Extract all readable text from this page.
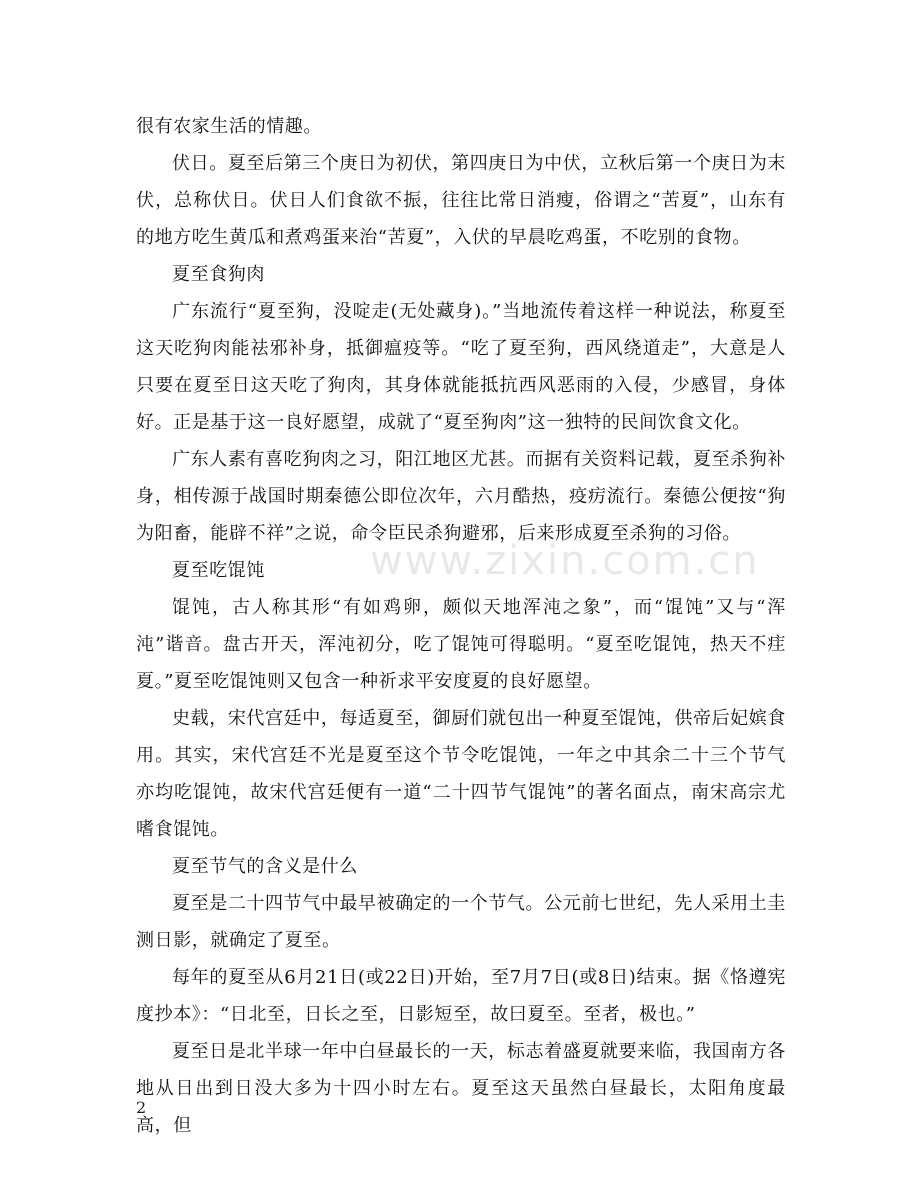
很有农家生活的情趣。

伏日。夏至后第三个庚日为初伏，第四庚日为中伏，立秋后第一个庚日为末伏，总称伏日。伏日人们食欲不振，往往比常日消瘦，俗谓之“苦夏”，山东有的地方吃生黄瓜和煮鸡蛋来治“苦夏”，入伏的早晨吃鸡蛋，不吃别的食物。

夏至食狗肉

广东流行“夏至狗，没啶走(无处藏身)。”当地流传着这样一种说法，称夏至这天吃狗肉能祛邪补身，抵御瘟疫等。“吃了夏至狗，西风绕道走”，大意是人只要在夏至日这天吃了狗肉，其身体就能抵抗西风恶雨的入侵，少感冒，身体好。正是基于这一良好愿望，成就了“夏至狗肉”这一独特的民间饮食文化。

广东人素有喜吃狗肉之习，阳江地区尤甚。而据有关资料记载，夏至杀狗补身，相传源于战国时期秦德公即位次年，六月酷热，疫疠流行。秦德公便按“狗为阳畜，能辟不祥”之说，命令臣民杀狗避邪，后来形成夏至杀狗的习俗。

夏至吃馄饨

馄饨，古人称其形“有如鸡卵，颇似天地浑沌之象”，而“馄饨”又与“浑沌”谐音。盘古开天，浑沌初分，吃了馄饨可得聪明。“夏至吃馄饨，热天不疰夏。”夏至吃馄饨则又包含一种祈求平安度夏的良好愿望。

史载，宋代宫廷中，每适夏至，御厨们就包出一种夏至馄饨，供帝后妃嫔食用。其实，宋代宫廷不光是夏至这个节令吃馄饨，一年之中其余二十三个节气亦均吃馄饨，故宋代宫廷便有一道“二十四节气馄饨”的著名面点，南宋高宗尤嗜食馄饨。

夏至节气的含义是什么

夏至是二十四节气中最早被确定的一个节气。公元前七世纪，先人采用土圭测日影，就确定了夏至。

每年的夏至从6月21日(或22日)开始，至7月7日(或8日)结束。据《恪遵宪度抄本》：“日北至，日长之至，日影短至，故曰夏至。至者，极也。”

夏至日是北半球一年中白昼最长的一天，标志着盛夏就要来临，我国南方各地从日出到日没大多为十四小时左右。夏至这天虽然白昼最长，太阳角度最高，但

www.zixin.com.cn
2
